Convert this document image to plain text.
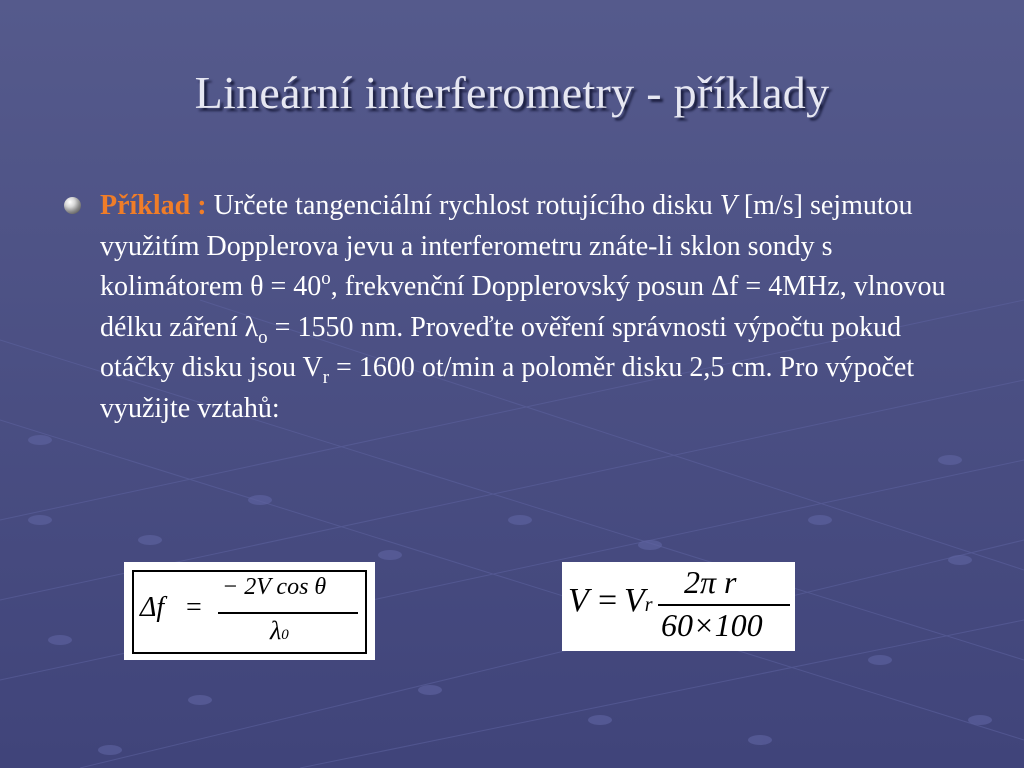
Lineární interferometry - příklady
Příklad : Určete tangenciální rychlost rotujícího disku V [m/s] sejmutou využitím Dopplerova jevu a interferometru znáte-li sklon sondy s kolimátorem $\theta = 40^o$, frekvenční Dopplerovský posun Δf = 4MHz, vlnovou délku záření $\lambda_o = 1550$ nm. Proveďte ověření správnosti výpočtu pokud otáčky disku jsou $V_r = 1600$ ot/min a poloměr disku 2,5 cm. Pro výpočet využijte vztahů:
Δf =
− 2V cos θ
λ0
V = Vr
2π r
60×100
